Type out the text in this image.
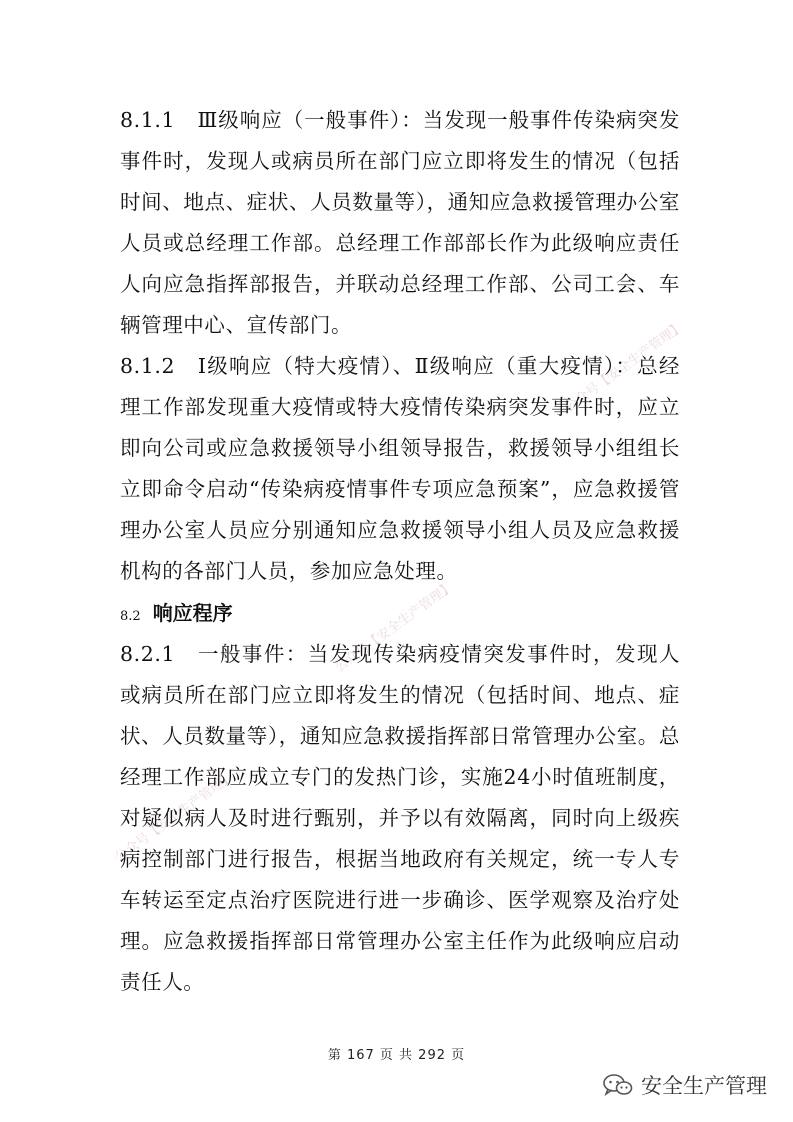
公众号【安全生产管理】
公众号【安全生产管理】
公众号【安全生产管理】

8.1.1 Ⅲ级响应（一般事件）：当发现一般事件传染病突发事件时，发现人或病员所在部门应立即将发生的情况（包括时间、地点、症状、人员数量等），通知应急救援管理办公室人员或总经理工作部。总经理工作部部长作为此级响应责任人向应急指挥部报告，并联动总经理工作部、公司工会、车辆管理中心、宣传部门。

8.1.2 Ⅰ级响应（特大疫情）、Ⅱ级响应（重大疫情）：总经理工作部发现重大疫情或特大疫情传染病突发事件时，应立即向公司或应急救援领导小组领导报告，救援领导小组组长立即命令启动“传染病疫情事件专项应急预案”，应急救援管理办公室人员应分别通知应急救援领导小组人员及应急救援机构的各部门人员，参加应急处理。

8.2 响应程序

8.2.1 一般事件：当发现传染病疫情突发事件时，发现人或病员所在部门应立即将发生的情况（包括时间、地点、症状、人员数量等），通知应急救援指挥部日常管理办公室。总经理工作部应成立专门的发热门诊，实施24小时值班制度，对疑似病人及时进行甄别，并予以有效隔离，同时向上级疾病控制部门进行报告，根据当地政府有关规定，统一专人专车转运至定点治疗医院进行进一步确诊、医学观察及治疗处理。应急救援指挥部日常管理办公室主任作为此级响应启动责任人。

第 167 页 共 292 页
安全生产管理
